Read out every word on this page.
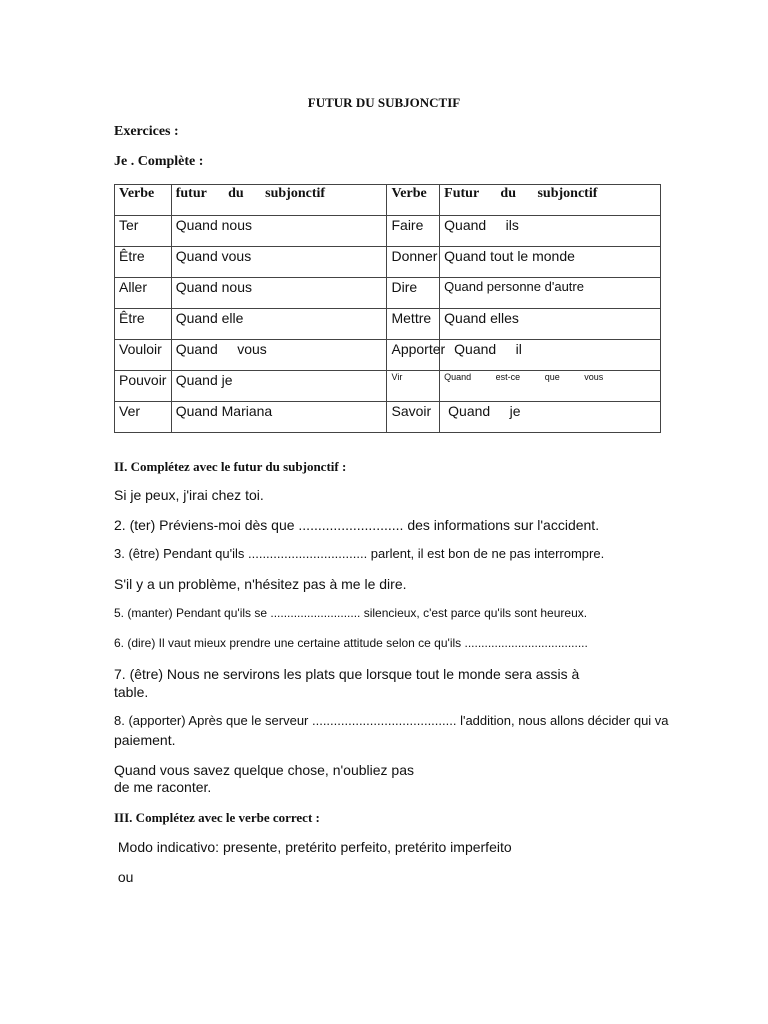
FUTUR DU SUBJONCTIF
Exercices :
Je . Complète :
Verbe	futur du subjonctif	Verbe	Futur du subjonctif
Ter	Quand nous	Faire	Quand     ils
Être	Quand vous	Donner	Quand tout le monde
Aller	Quand nous	Dire	Quand personne d'autre
Être	Quand elle	Mettre	Quand elles
Vouloir	Quand     vous	Apporter	Quand     il
Pouvoir	Quand je	Vir	Quand est-ce que vous
Ver	Quand Mariana	Savoir	Quand     je
II. Complétez avec le futur du subjonctif :
Si je peux, j'irai chez toi.
2. (ter) Préviens-moi dès que ........................... des informations sur l'accident.
3. (être) Pendant qu'ils ................................. parlent, il est bon de ne pas interrompre.
S'il y a un problème, n'hésitez pas à me le dire.
5. (manter) Pendant qu'ils se ........................... silencieux, c'est parce qu'ils sont heureux.
6. (dire) Il vaut mieux prendre une certaine attitude selon ce qu'ils .....................................
7. (être) Nous ne servirons les plats que lorsque tout le monde sera assis à
table.
8. (apporter) Après que le serveur ........................................ l'addition, nous allons décider qui va
paiement.
Quand vous savez quelque chose, n'oubliez pas
de me raconter.
III. Complétez avec le verbe correct :
Modo indicativo: presente, pretérito perfeito, pretérito imperfeito
ou
